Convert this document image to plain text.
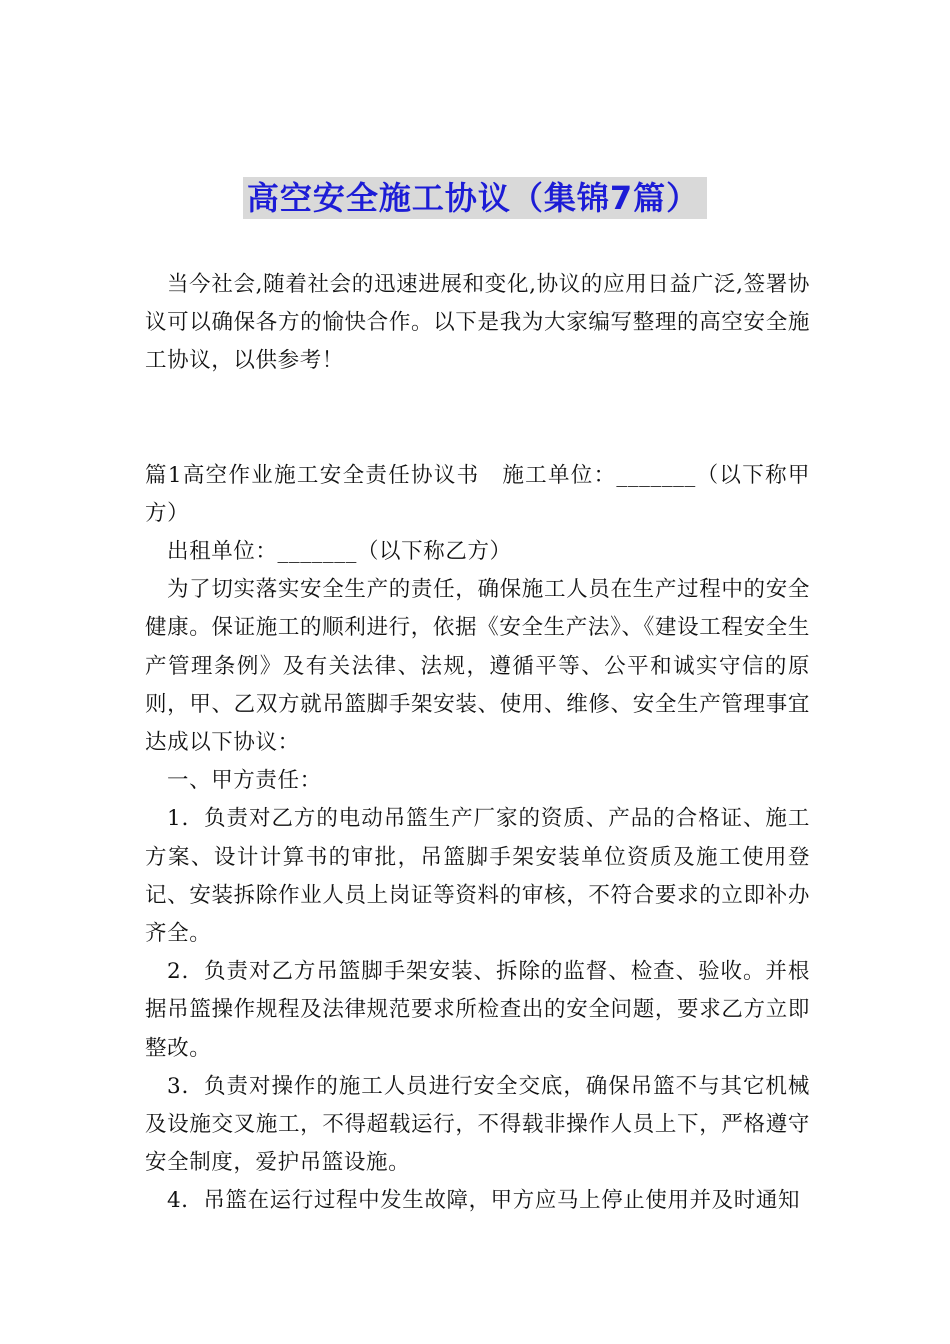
高空安全施工协议（集锦7篇）

当今社会,随着社会的迅速进展和变化,协议的应用日益广泛,签署协议可以确保各方的愉快合作。以下是我为大家编写整理的高空安全施工协议，以供参考！

篇1高空作业施工安全责任协议书　施工单位：_______（以下称甲方）

出租单位：_______（以下称乙方）

为了切实落实安全生产的责任，确保施工人员在生产过程中的安全健康。保证施工的顺利进行，依据《安全生产法》、《建设工程安全生产管理条例》及有关法律、法规，遵循平等、公平和诚实守信的原则，甲、乙双方就吊篮脚手架安装、使用、维修、安全生产管理事宜达成以下协议：

一、甲方责任：

1．负责对乙方的电动吊篮生产厂家的资质、产品的合格证、施工方案、设计计算书的审批，吊篮脚手架安装单位资质及施工使用登记、安装拆除作业人员上岗证等资料的审核，不符合要求的立即补办齐全。

2．负责对乙方吊篮脚手架安装、拆除的监督、检查、验收。并根据吊篮操作规程及法律规范要求所检查出的安全问题，要求乙方立即整改。

3．负责对操作的施工人员进行安全交底，确保吊篮不与其它机械及设施交叉施工，不得超载运行，不得载非操作人员上下，严格遵守安全制度，爱护吊篮设施。

4．吊篮在运行过程中发生故障，甲方应马上停止使用并及时通知
